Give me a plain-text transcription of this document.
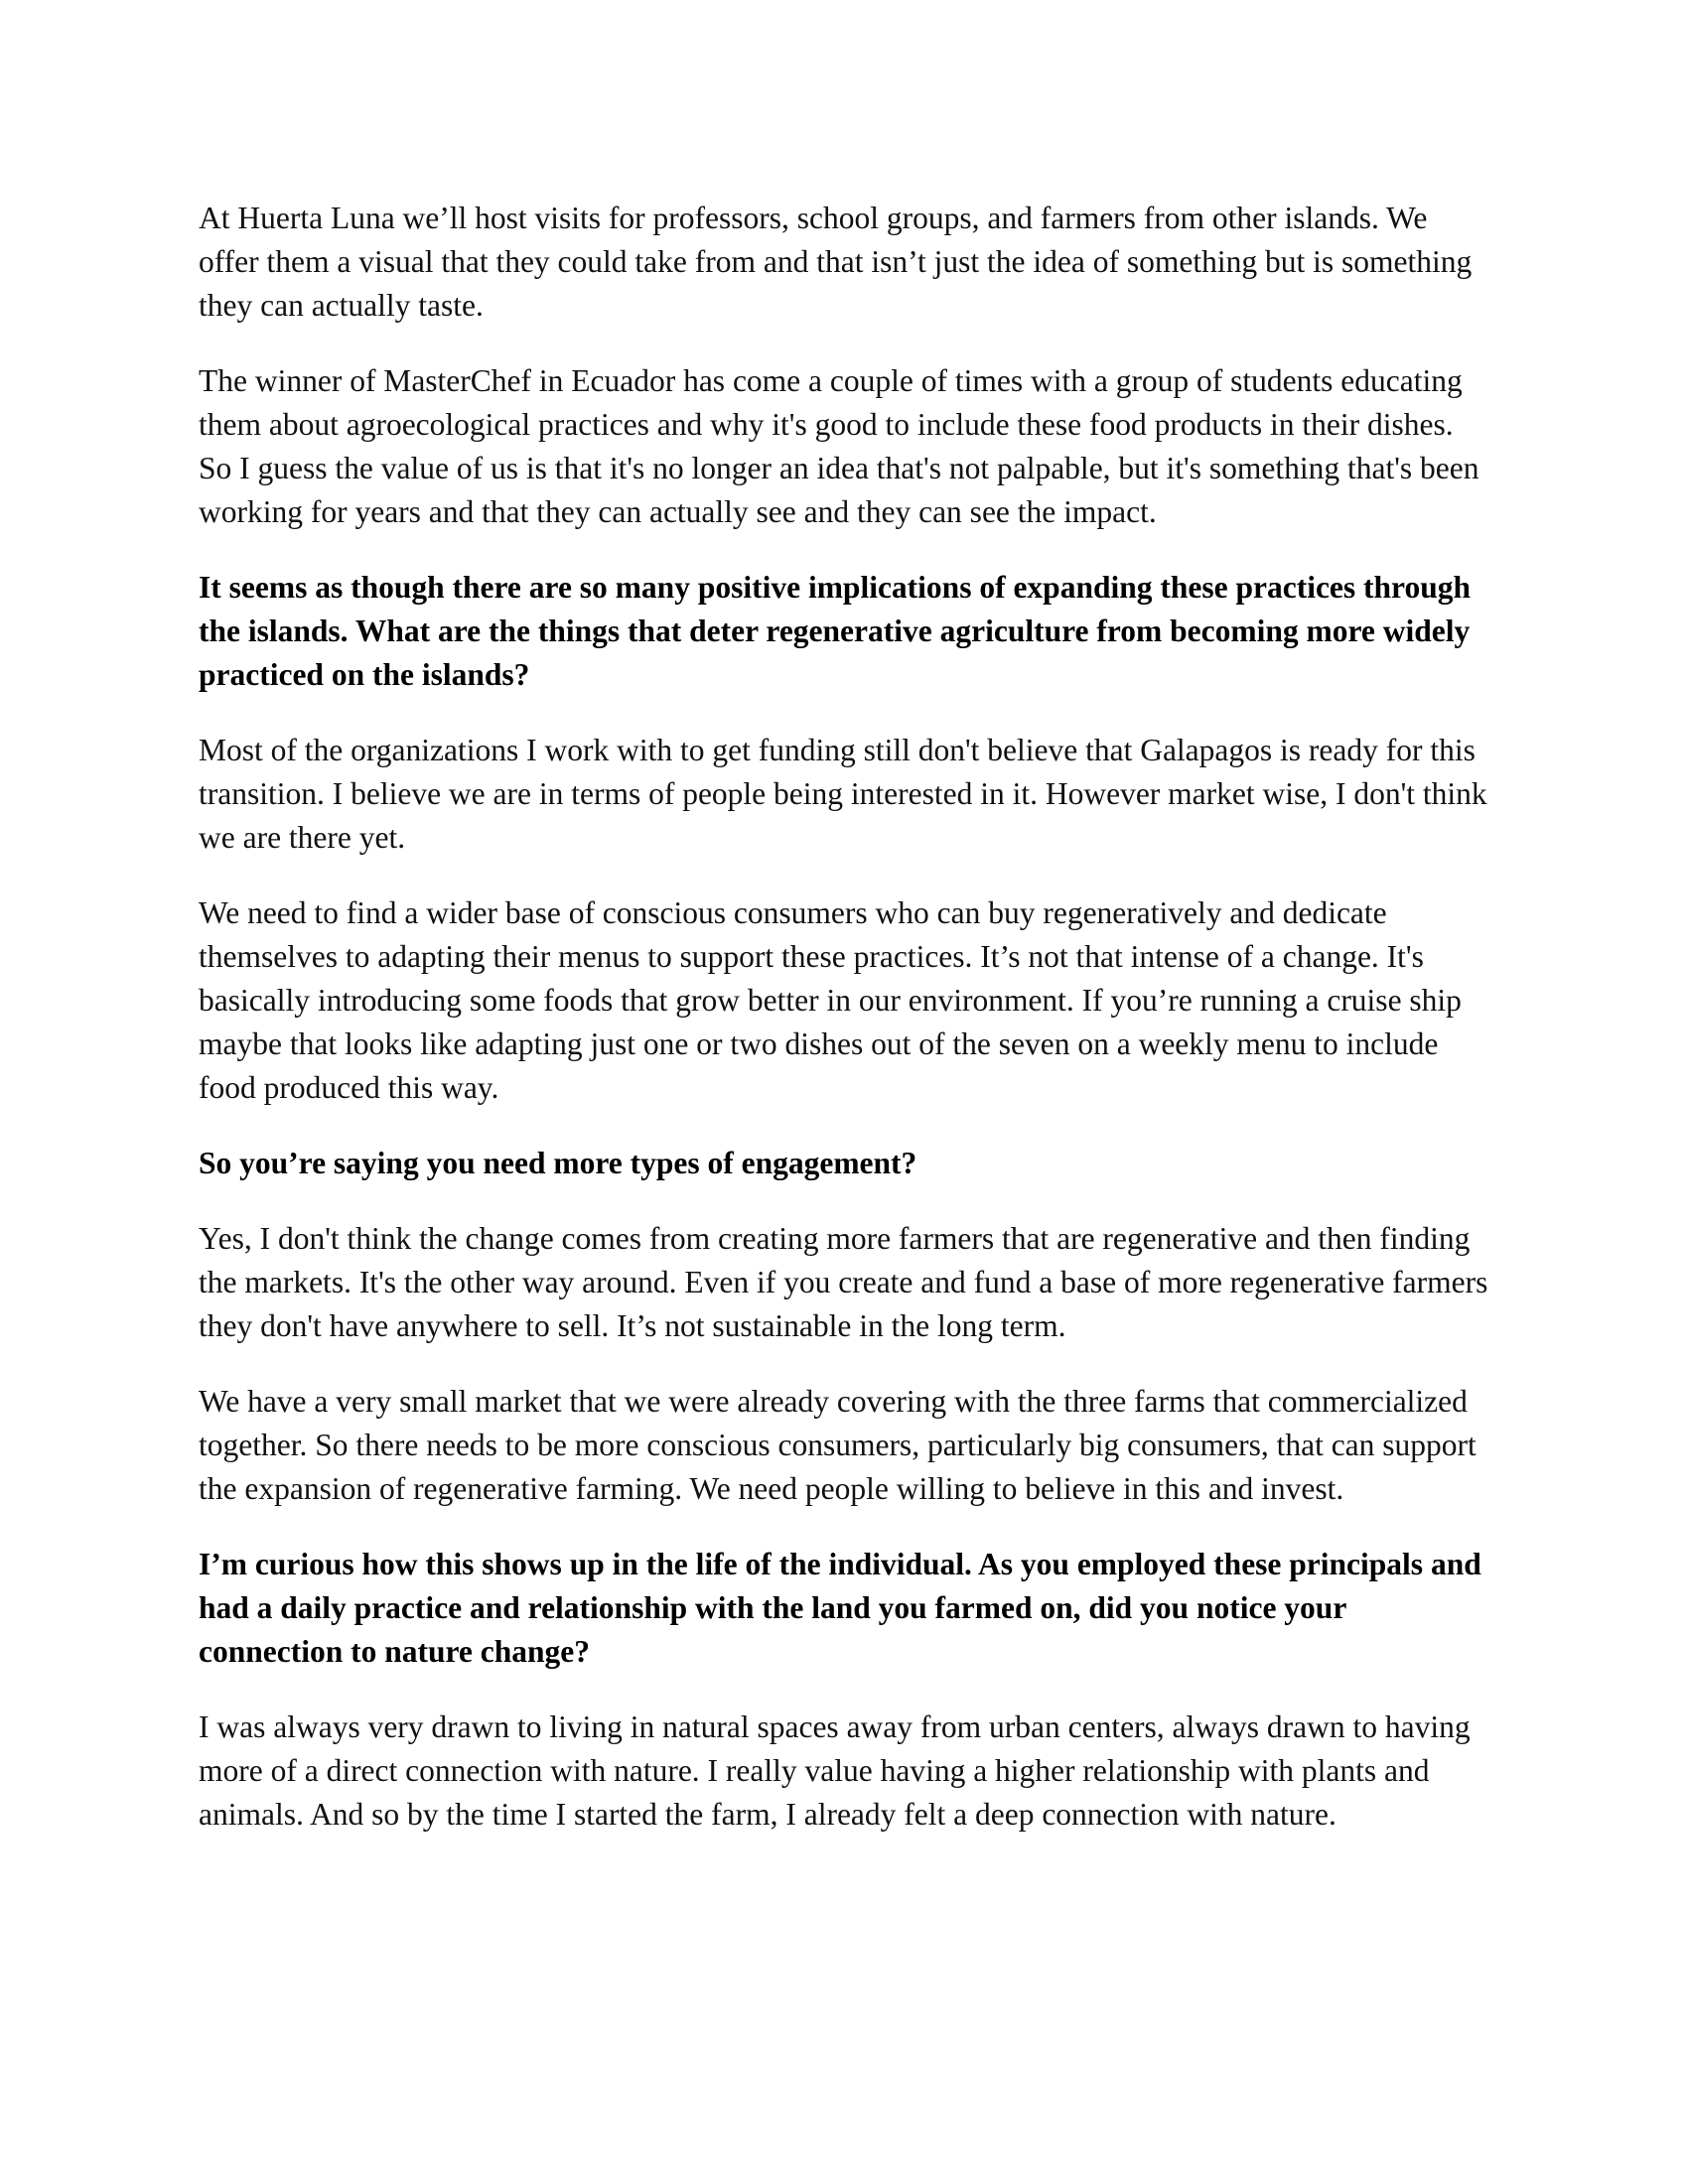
At Huerta Luna we’ll host visits for professors, school groups, and farmers from other islands. We offer them a visual that they could take from and that isn’t just the idea of something but is something they can actually taste.

The winner of MasterChef in Ecuador has come a couple of times with a group of students educating them about agroecological practices and why it's good to include these food products in their dishes. So I guess the value of us is that it's no longer an idea that's not palpable, but it's something that's been working for years and that they can actually see and they can see the impact.

It seems as though there are so many positive implications of expanding these practices through the islands. What are the things that deter regenerative agriculture from becoming more widely practiced on the islands?

Most of the organizations I work with to get funding still don't believe that Galapagos is ready for this transition. I believe we are in terms of people being interested in it. However market wise, I don't think we are there yet.

We need to find a wider base of conscious consumers who can buy regeneratively and dedicate themselves to adapting their menus to support these practices. It’s not that intense of a change. It's basically introducing some foods that grow better in our environment. If you’re running a cruise ship maybe that looks like adapting just one or two dishes out of the seven on a weekly menu to include food produced this way.

So you’re saying you need more types of engagement?

Yes, I don't think the change comes from creating more farmers that are regenerative and then finding the markets. It's the other way around. Even if you create and fund a base of more regenerative farmers they don't have anywhere to sell. It’s not sustainable in the long term.

We have a very small market that we were already covering with the three farms that commercialized together. So there needs to be more conscious consumers, particularly big consumers, that can support the expansion of regenerative farming. We need people willing to believe in this and invest.

I’m curious how this shows up in the life of the individual. As you employed these principals and had a daily practice and relationship with the land you farmed on, did you notice your connection to nature change?

I was always very drawn to living in natural spaces away from urban centers, always drawn to having more of a direct connection with nature. I really value having a higher relationship with plants and animals. And so by the time I started the farm, I already felt a deep connection with nature.
